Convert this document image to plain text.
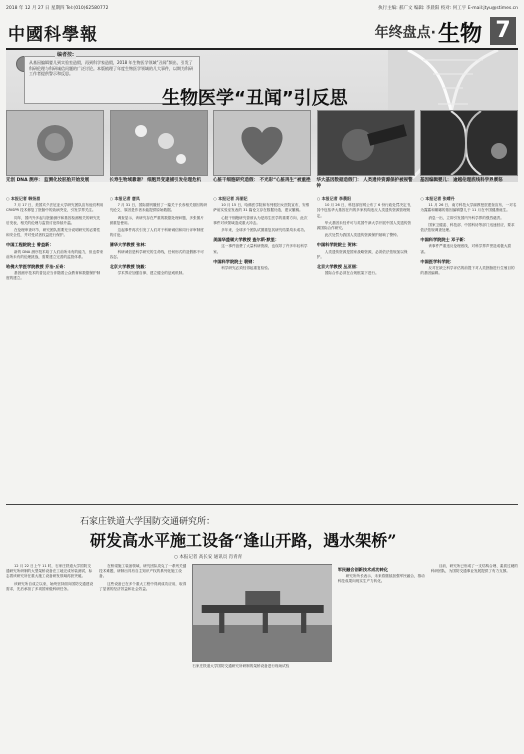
2018 年 12 月 27 日 星期四 Tel:(010)62580772	执行主编: 郝广文 编辑: 李晨阳 校对: 何工宇 E-mail:jtyu@stimes.cn
中國科學報	年终盘点· 生物 7
编者按:
从基因编辑婴儿到实验室造假，再到科学家造假，2018 年生物医学领域“丑闻”频出，引发了科研伦理与科研诚信问题的广泛讨论。本版梳理了年度生物医学领域的几大事件，以期为科研工作者提供警示和反思。
生物医学“丑闻”引反思
无创 DNA 测序： 监测化妆胚胎开始发展	长寿生物域靠谱？ 细胞异变逮捕引发伦理危机	心脏干细胞研究造假： 不光彩“心脏再生”被重挫 华大基因数据造假门： 人类遗传资源保护被视警钟
基因编辑婴儿： 逾越伦理底线科学界震怒
○ 本报记者 韩扬眉

7 月 17 日，美国宾夕法尼亚大学研究团队宣布他们利用 CRISPR 技术修复了胚胎中的致病突变，引发学界关注。

同年，国内外多起与胚胎测序和基因检测相关的研究先后发表，相关的伦理与监管讨论持续升温。

在伦理审查环节，研究团队需要充分说明研究的必要性和安全性，并对受试者权益进行保护。

中国工程院院士 曾益新：

新的 DNA 测序技术给了人们前所未有的能力，但也带来前所未有的伦理挑战，需要建立完善的监管体系。

哈佛大学医学院教授 乔治·丘奇：

基因测序技术的普及应当伴随着公众教育和数据保护制度的建立。

○ 本报记者 唐凤

7 月 31 日，国际期刊撤回了一篇关于长寿相关基因的研究论文，原因是作者未能提供原始数据。

调查显示，该研究存在严重的数据处理问题，多张图片被重复使用。

这起事件再次引发了人们对于科研诚信和同行评审制度的讨论。

清华大学教授 张林：

科研诚信是科学研究的生命线，任何形式的造假都不可容忍。

北京大学教授 饶毅：

学术界应加强自律，建立健全的惩戒机制。

○ 本报记者 冯丽妃

10 月 15 日，哈佛医学院和布列根妇女医院宣布，安维萨前实验室发表的 31 篇论文存在数据伪造，建议撤稿。

心脏干细胞研究曾被认为是再生医学的重要方向，此次事件对该领域造成重大冲击。

多年来，全球多个团队试图重复其研究结果均未成功。

美国华盛顿大学教授 查尔斯·默里：

这一事件浪费了大量科研资源，也误导了许多年轻科学家。

中国科学院院士 裴钢：

科学研究必须经得起重复检验。

○ 本报记者 李晨阳

10 月 26 日，科技部官网公布了 6 份行政处罚决定书，其中包括华大基因在内的多家机构违反人类遗传资源管理规定。

华大基因未经许可与英国牛津大学开展中国人类遗传资源国际合作研究。

此次处罚为我国人类遗传资源保护敲响了警钟。

中国科学院院士 贺林：

人类遗传资源是国家战略资源，必须依法依规加以保护。

北京大学教授 丛亚丽：

国际合作必须在合规框架下进行。

○ 本报记者 张晴丹

11 月 26 日，南方科技大学副教授贺建奎宣布，一对名为露露和娜娜的基因编辑婴儿于 11 月在中国健康诞生。

消息一出，立即引发国内外科学界的强烈谴责。

国家卫健委、科技部、中国科协等部门迅速回应，要求依法依规调查处理。

中国科学院院士 邓子新：

该事件严重违反伦理底线，对科学界声誉造成极大损害。

中国医学科学院：

反对在缺乏科学评估的前提下对人类胚胎进行生殖目的的基因编辑。

石家庄铁道大学国防交通研究所：
研发高水平施工设备“逢山开路，遇水架桥”
○ 本报记者 高长安 通讯员 肖青青

12 月 22 日上午 11 时，石家庄铁道大学国防交通研究所研制的大型架桥设备在工地完成吊装测试，标志着该研究所在重大施工设备研发领域再获突破。

该研究所自成立以来，始终坚持面向国防交通建设需求，先后承担了多项国家级科研任务。

在桥梁施工装备领域，研究团队攻克了一系列关键技术难题，研制出具有自主知识产权的系列化施工设备。

这些设备已在多个重大工程中得到成功应用，取得了显著的经济效益和社会效益。

石家庄铁道大学国防交通研究所研制的架桥设备进行现场试验
军民融合创新技术成功转化

研究所所长表示，未来将继续加强军民融合，推动科技成果向现实生产力转化。

目前，研究所已形成了一支结构合理、素质过硬的科研团队，为国防交通事业发展提供了有力支撑。
